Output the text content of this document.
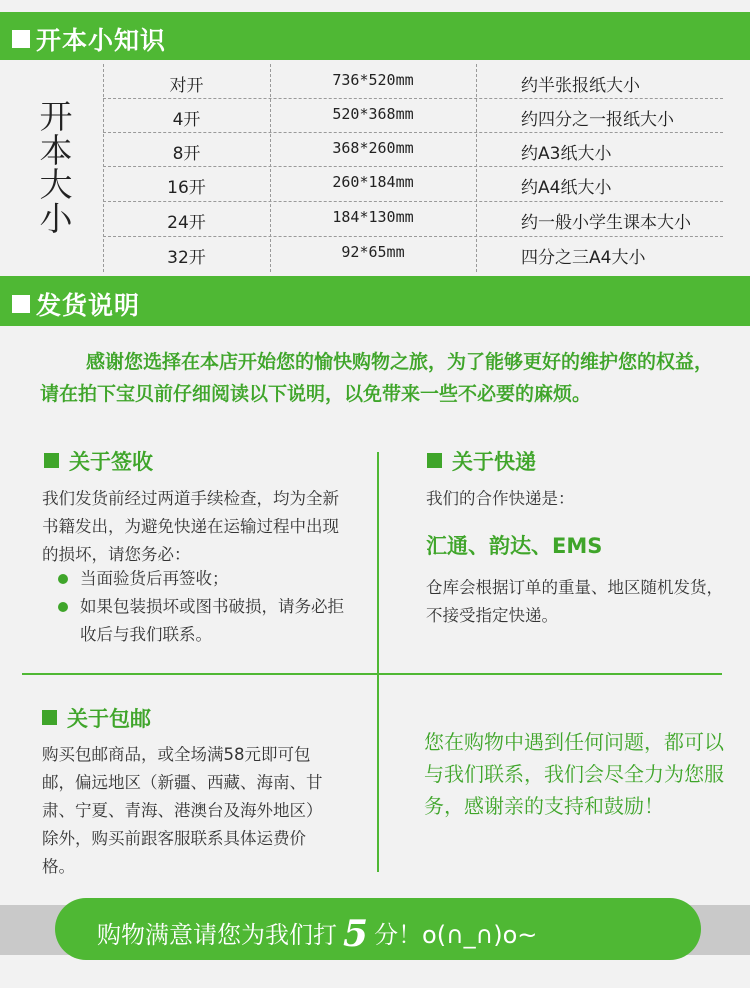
开本小知识
开
本
大
小
对开	736*520mm	约半张报纸大小
4开	520*368mm	约四分之一报纸大小
8开	368*260mm	约A3纸大小
16开	260*184mm	约A4纸大小
24开	184*130mm	约一般小学生课本大小
32开	92*65mm	四分之三A4大小
发货说明

感谢您选择在本店开始您的愉快购物之旅，为了能够更好的维护您的权益，请在拍下宝贝前仔细阅读以下说明，以免带来一些不必要的麻烦。

关于签收

我们发货前经过两道手续检查，均为全新书籍发出，为避免快递在运输过程中出现的损坏，请您务必：

当面验货后再签收；
如果包装损坏或图书破损，请务必拒收后与我们联系。
关于快递

我们的合作快递是：

汇通、韵达、EMS

仓库会根据订单的重量、地区随机发货，不接受指定快递。

关于包邮

购买包邮商品，或全场满58元即可包邮，偏远地区（新疆、西藏、海南、甘肃、宁夏、青海、港澳台及海外地区）除外，购买前跟客服联系具体运费价格。

您在购物中遇到任何问题，都可以与我们联系，我们会尽全力为您服务，感谢亲的支持和鼓励！

购物满意请您为我们打 5 分！o(∩_∩)o~
